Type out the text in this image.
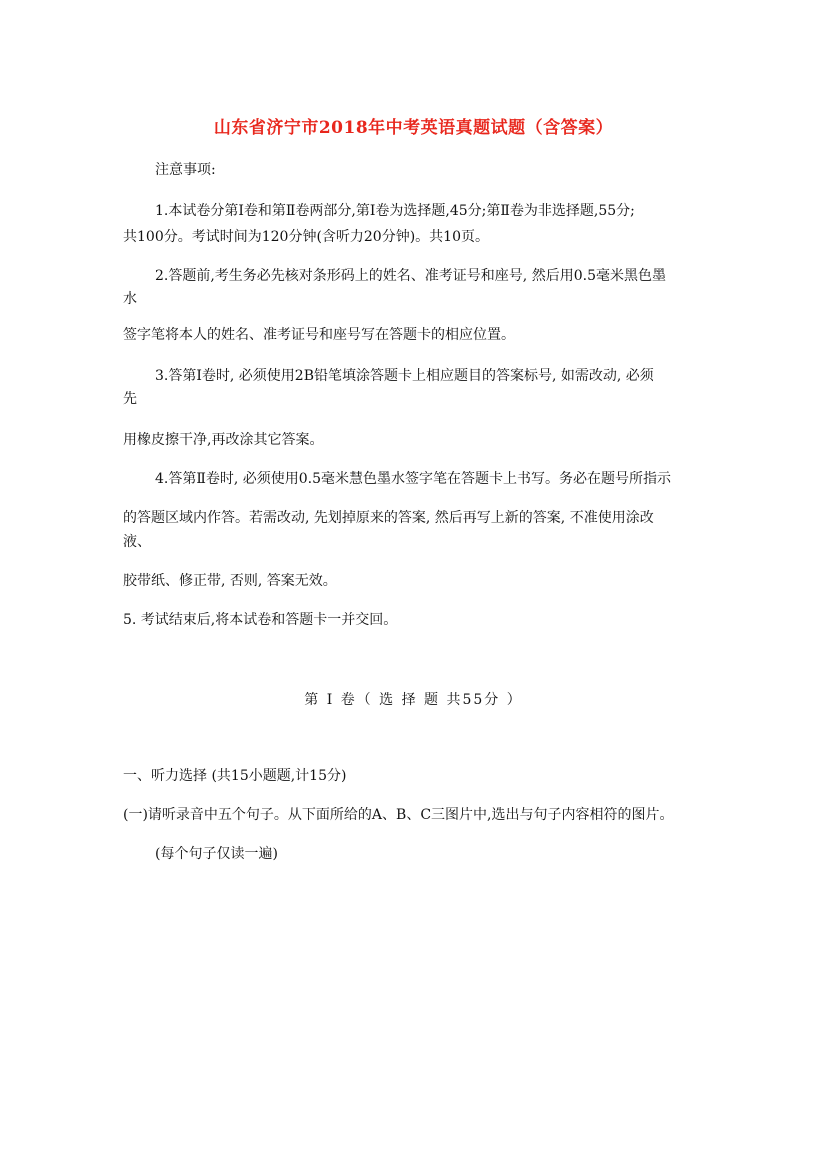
山东省济宁市2018年中考英语真题试题（含答案）
注意事项:
1.本试卷分第Ⅰ卷和第Ⅱ卷两部分,第Ⅰ卷为选择题,45分;第Ⅱ卷为非选择题,55分;
共100分。考试时间为120分钟(含听力20分钟)。共10页。
2.答题前,考生务必先核对条形码上的姓名、准考证号和座号, 然后用0.5毫米黑色墨
水
签字笔将本人的姓名、准考证号和座号写在答题卡的相应位置。
3.答第Ⅰ卷时, 必须使用2B铅笔填涂答题卡上相应题目的答案标号, 如需改动, 必须
先
用橡皮擦干净,再改涂其它答案。
4.答第Ⅱ卷时, 必须使用0.5毫米慧色墨水签字笔在答题卡上书写。务必在题号所指示
的答题区域内作答。若需改动, 先划掉原来的答案, 然后再写上新的答案, 不准使用涂改
液、
胶带纸、修正带, 否则, 答案无效。
5. 考试结束后,将本试卷和答题卡一并交回。
第 Ⅰ 卷（ 选 择 题 共55分 ）
一、听力选择 (共15小题题,计15分)
(一)请听录音中五个句子。从下面所给的A、B、C三图片中,选出与句子内容相符的图片。
(每个句子仅读一遍)
